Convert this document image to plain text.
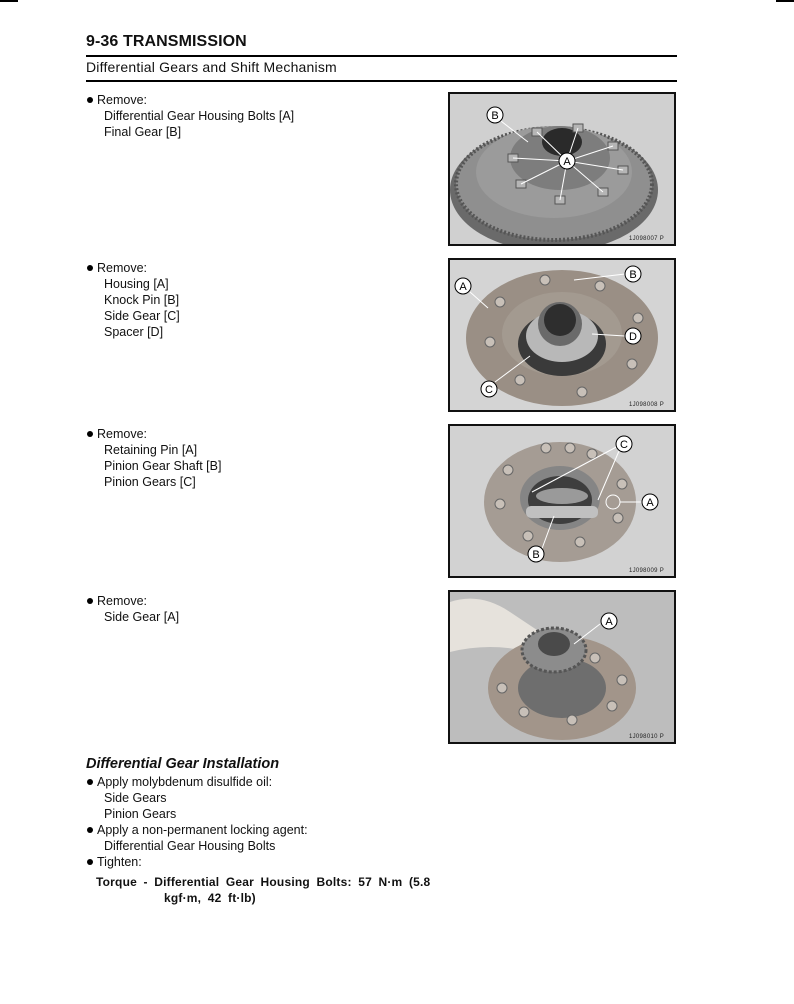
9-36 TRANSMISSION
Differential Gears and Shift Mechanism
Remove:
Differential Gear Housing Bolts [A]
Final Gear [B]
A
B
1J098007 P
Remove:
Housing [A]
Knock Pin [B]
Side Gear [C]
Spacer [D]
A
B
C
D
1J098008 P
Remove:
Retaining Pin [A]
Pinion Gear Shaft [B]
Pinion Gears [C]
C
A
B
1J098009 P
Remove:
Side Gear [A]	A
1J098010 P
Differential Gear Installation
Apply molybdenum disulfide oil:
Side Gears
Pinion Gears
Apply a non-permanent locking agent:
Differential Gear Housing Bolts
Tighten:
Torque - Differential Gear Housing Bolts: 57 N·m (5.8
kgf·m, 42 ft·lb)
